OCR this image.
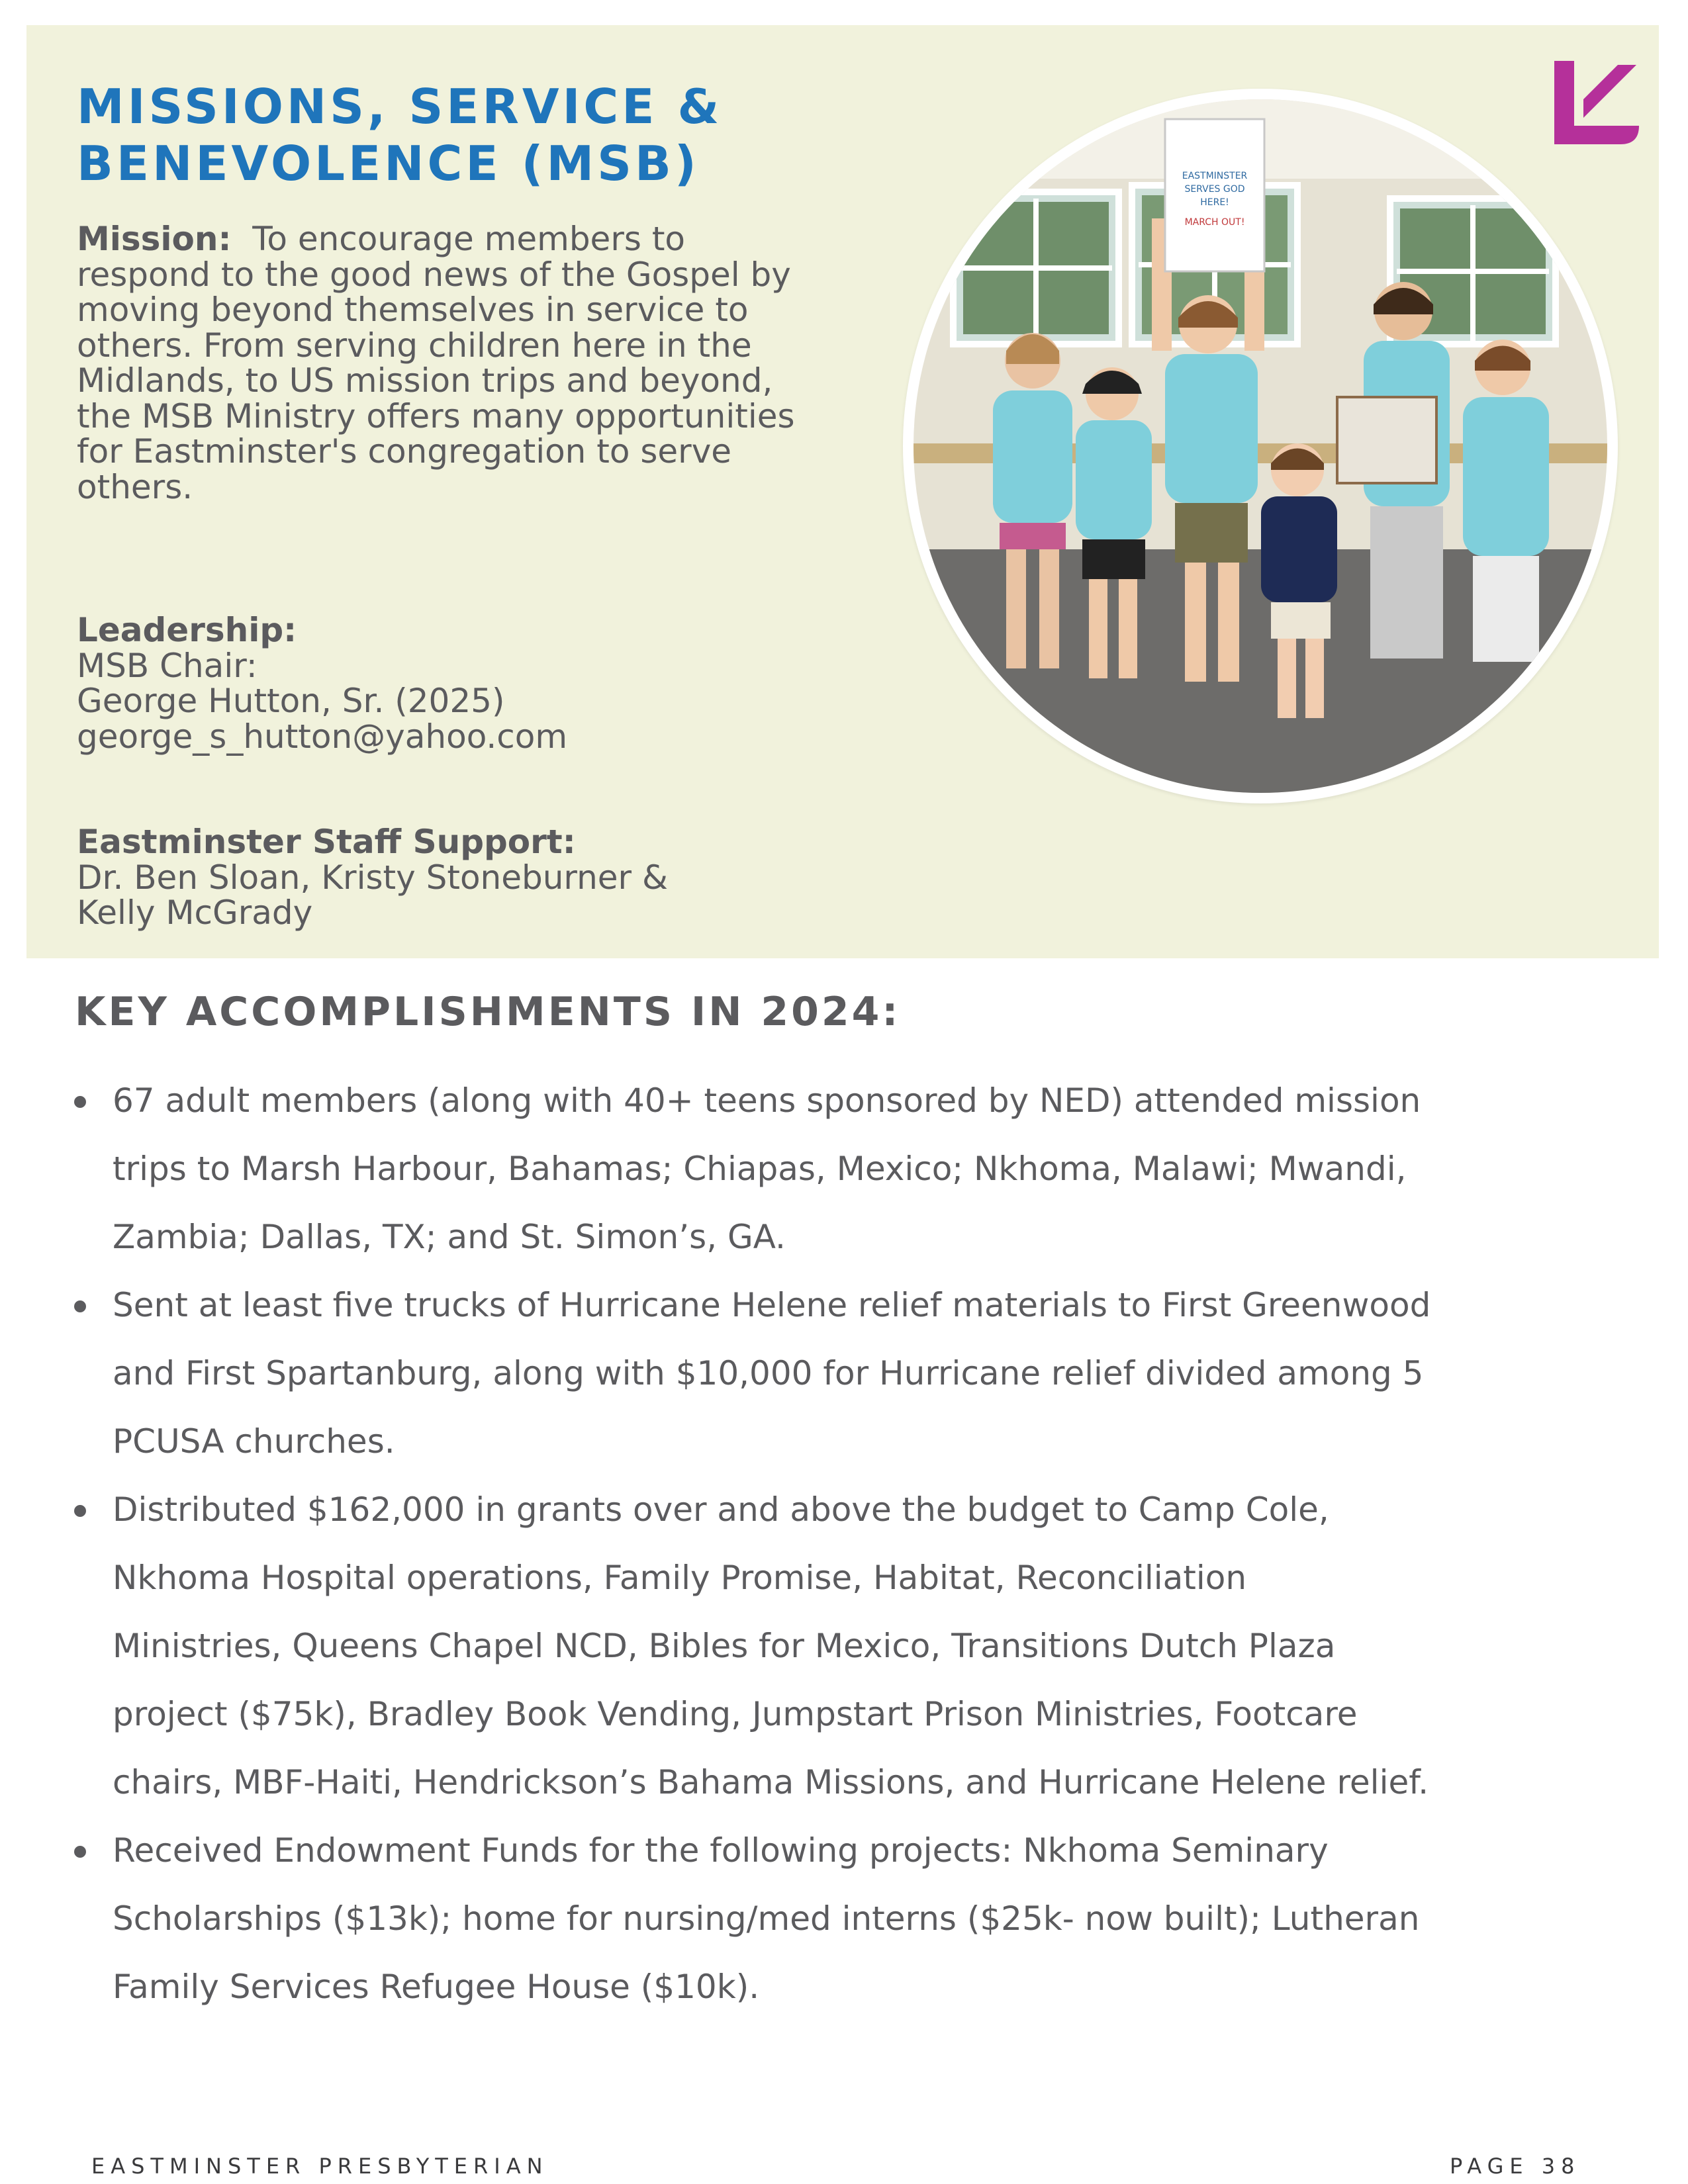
MISSIONS, SERVICE &
BENEVOLENCE (MSB)

Mission: To encourage members to respond to the good news of the Gospel by moving beyond themselves in service to others. From serving children here in the Midlands, to US mission trips and beyond, the MSB Ministry offers many opportunities for Eastminster's congregation to serve others.

Leadership:
MSB Chair:
George Hutton, Sr. (2025)
george_s_hutton@yahoo.com
Eastminster Staff Support:
Dr. Ben Sloan, Kristy Stoneburner &
Kelly McGrady
EASTMINSTER
SERVES GOD
HERE!
MARCH OUT!
KEY ACCOMPLISHMENTS IN 2024:
67 adult members (along with 40+ teens sponsored by NED) attended mission
trips to Marsh Harbour, Bahamas; Chiapas, Mexico; Nkhoma, Malawi; Mwandi,
Zambia; Dallas, TX; and St. Simon’s, GA.
Sent at least five trucks of Hurricane Helene relief materials to First Greenwood
and First Spartanburg, along with $10,000 for Hurricane relief divided among 5
PCUSA churches.
Distributed $162,000 in grants over and above the budget to Camp Cole,
Nkhoma Hospital operations, Family Promise, Habitat, Reconciliation
Ministries, Queens Chapel NCD, Bibles for Mexico, Transitions Dutch Plaza
project ($75k), Bradley Book Vending, Jumpstart Prison Ministries, Footcare
chairs, MBF-Haiti, Hendrickson’s Bahama Missions, and Hurricane Helene relief.
Received Endowment Funds for the following projects: Nkhoma Seminary
Scholarships ($13k); home for nursing/med interns ($25k- now built); Lutheran
Family Services Refugee House ($10k).
EASTMINSTER PRESBYTERIAN	PAGE 38
